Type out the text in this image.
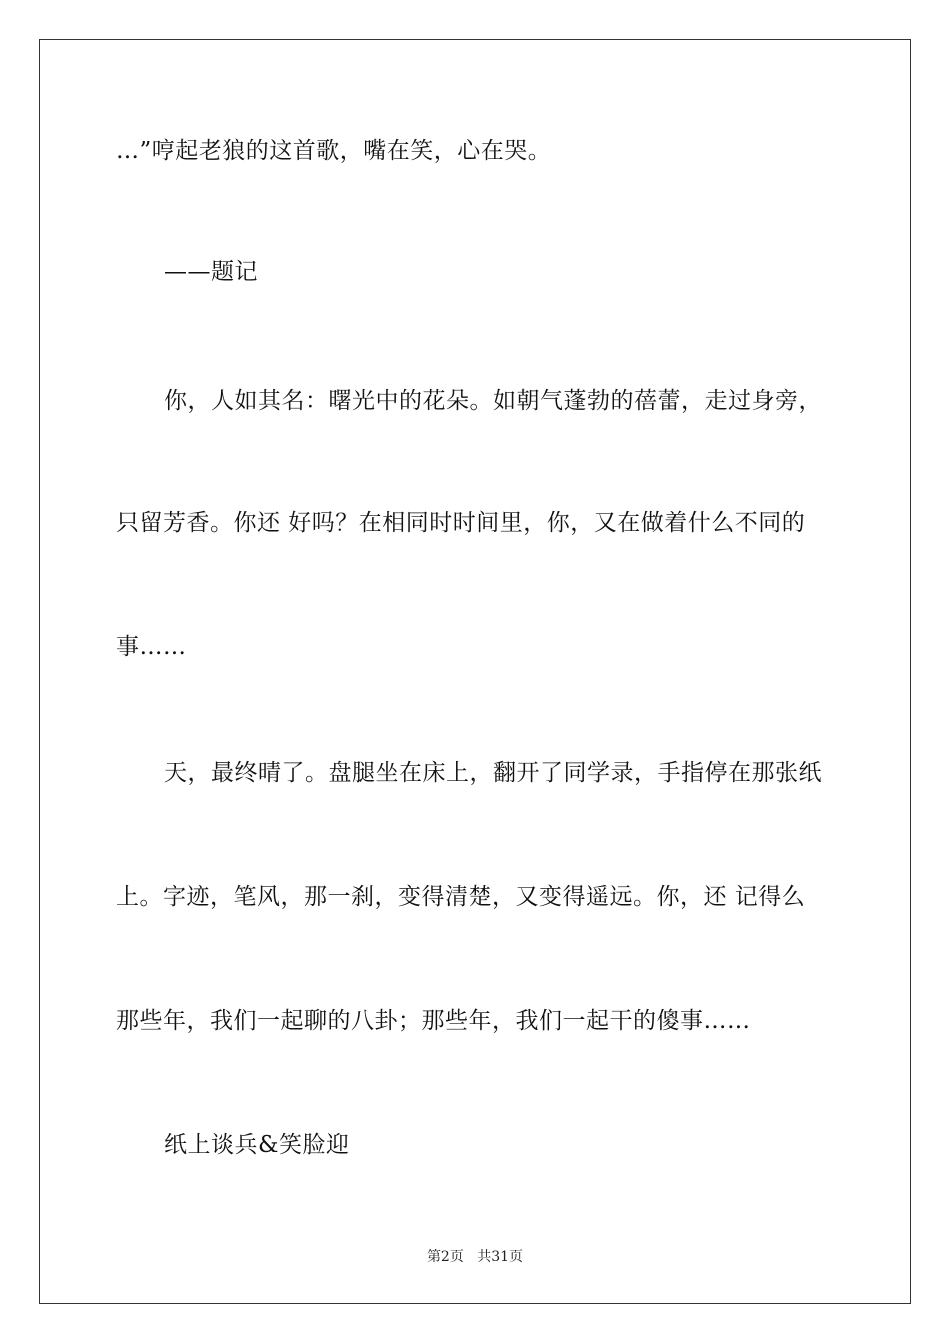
…”哼起老狼的这首歌，嘴在笑，心在哭。
——题记
你，人如其名：曙光中的花朵。如朝气蓬勃的蓓蕾，走过身旁，
只留芳香。你还 好吗？在相同时时间里，你，又在做着什么不同的
事……
天，最终晴了。盘腿坐在床上，翻开了同学录，手指停在那张纸
上。字迹，笔风，那一刹，变得清楚，又变得遥远。你，还 记得么
那些年，我们一起聊的八卦；那些年，我们一起干的傻事……
纸上谈兵&笑脸迎
第2页 共31页
